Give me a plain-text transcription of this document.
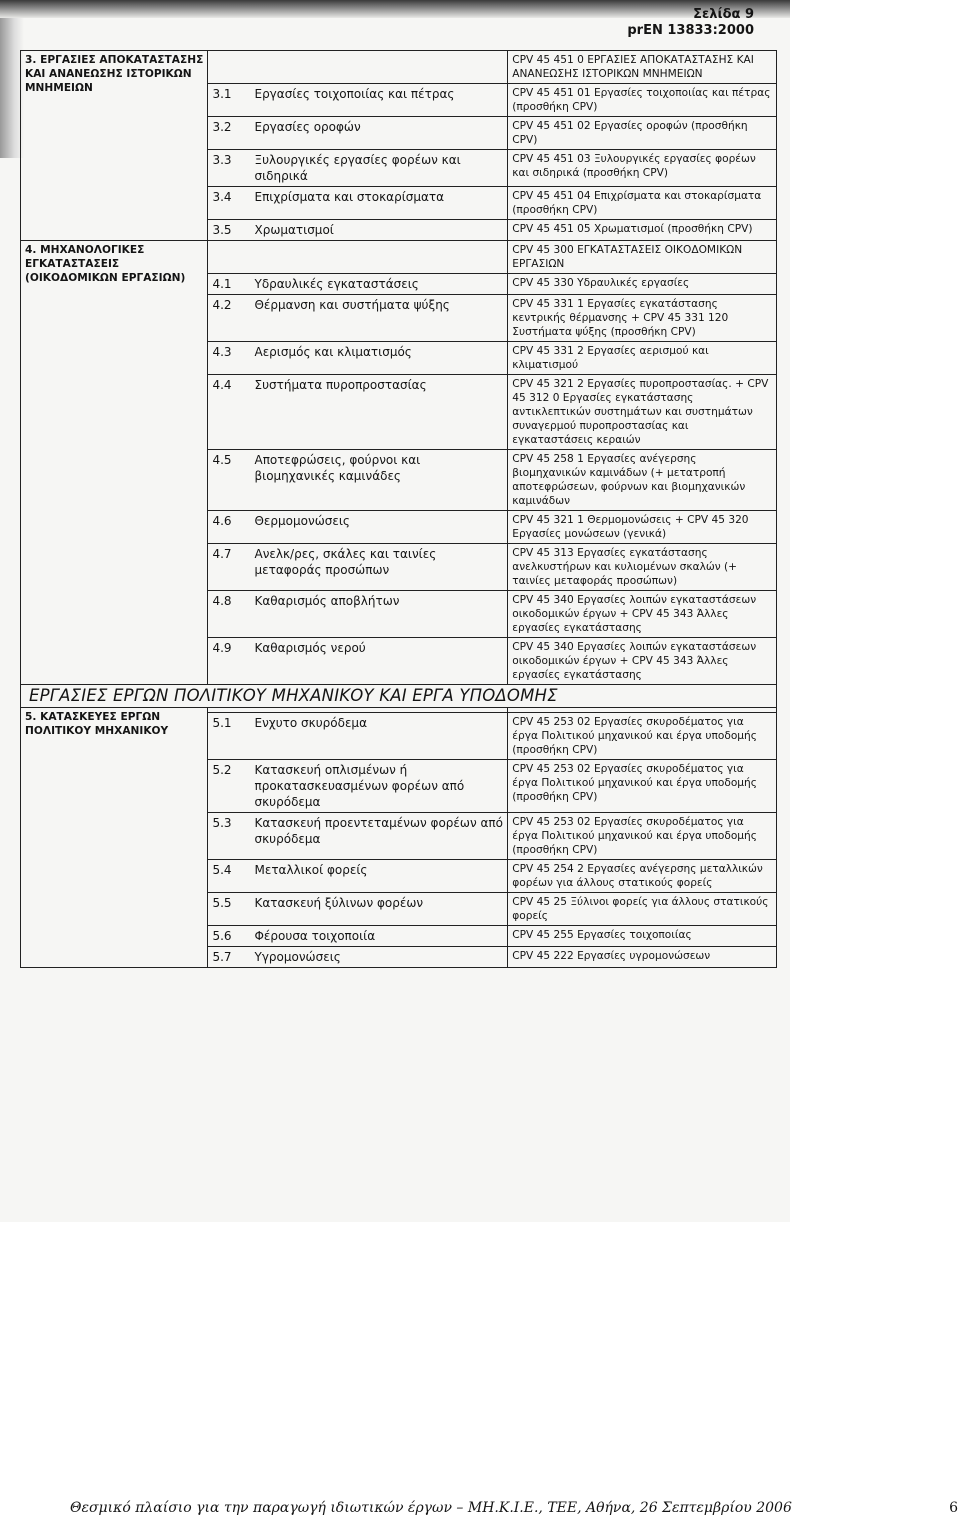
Σελίδα 9
prEN 13833:2000
3. ΕΡΓΑΣΙΕΣ ΑΠΟΚΑΤΑΣΤΑΣΗΣ ΚΑΙ ΑΝΑΝΕΩΣΗΣ ΙΣΤΟΡΙΚΩΝ ΜΝΗΜΕΙΩΝ		CPV 45 451 0 ΕΡΓΑΣΙΕΣ ΑΠΟΚΑΤΑΣΤΑΣΗΣ ΚΑΙ ΑΝΑΝΕΩΣΗΣ ΙΣΤΟΡΙΚΩΝ ΜΝΗΜΕΙΩΝ

	3.1 Εργασίες τοιχοποιίας και πέτρας	CPV 45 451 01 Εργασίες τοιχοποιίας και πέτρας (προσθήκη CPV)

	3.2 Εργασίες οροφών	CPV 45 451 02 Εργασίες οροφών (προσθήκη CPV)

	3.3 Ξυλουργικές εργασίες φορέων και σιδηρικά	CPV 45 451 03 Ξυλουργικές εργασίες φορέων και σιδηρικά (προσθήκη CPV)

	3.4 Επιχρίσματα και στοκαρίσματα	CPV 45 451 04 Επιχρίσματα και στοκαρίσματα (προσθήκη CPV)

	3.5 Χρωματισμοί	CPV 45 451 05 Χρωματισμοί (προσθήκη CPV)
4. ΜΗΧΑΝΟΛΟΓΙΚΕΣ ΕΓΚΑΤΑΣΤΑΣΕΙΣ (ΟΙΚΟΔΟΜΙΚΩΝ ΕΡΓΑΣΙΩΝ)		CPV 45 300 ΕΓΚΑΤΑΣΤΑΣΕΙΣ ΟΙΚΟΔΟΜΙΚΩΝ ΕΡΓΑΣΙΩΝ

	4.1 Υδραυλικές εγκαταστάσεις	CPV 45 330 Υδραυλικές εργασίες

	4.2 Θέρμανση και συστήματα ψύξης	CPV 45 331 1 Εργασίες εγκατάστασης κεντρικής θέρμανσης + CPV 45 331 120 Συστήματα ψύξης (προσθήκη CPV)

	4.3 Αερισμός και κλιματισμός	CPV 45 331 2 Εργασίες αερισμού και κλιματισμού

	4.4 Συστήματα πυροπροστασίας	CPV 45 321 2 Εργασίες πυροπροστασίας. + CPV 45 312 0 Εργασίες εγκατάστασης αντικλεπτικών συστημάτων και συστημάτων συναγερμού πυροπροστασίας και εγκαταστάσεις κεραιών

	4.5 Αποτεφρώσεις, φούρνοι και βιομηχανικές καμινάδες	CPV 45 258 1 Εργασίες ανέγερσης βιομηχανικών καμινάδων (+ μετατροπή αποτεφρώσεων, φούρνων και βιομηχανικών καμινάδων

	4.6 Θερμομονώσεις	CPV 45 321 1 Θερμομονώσεις + CPV 45 320 Εργασίες μονώσεων (γενικά)

	4.7 Ανελκ/ρες, σκάλες και ταινίες μεταφοράς προσώπων	CPV 45 313 Εργασίες εγκατάστασης ανελκυστήρων και κυλιομένων σκαλών (+ ταινίες μεταφοράς προσώπων)

	4.8 Καθαρισμός αποβλήτων	CPV 45 340 Εργασίες λοιπών εγκαταστάσεων οικοδομικών έργων + CPV 45 343 Άλλες εργασίες εγκατάστασης

	4.9 Καθαρισμός νερού	CPV 45 340 Εργασίες λοιπών εγκαταστάσεων οικοδομικών έργων + CPV 45 343 Άλλες εργασίες εγκατάστασης
ΕΡΓΑΣΙΕΣ ΕΡΓΩΝ ΠΟΛΙΤΙΚΟΥ ΜΗΧΑΝΙΚΟΥ ΚΑΙ ΕΡΓΑ ΥΠΟΔΟΜΗΣ		
5. ΚΑΤΑΣΚΕΥΕΣ ΕΡΓΩΝ ΠΟΛΙΤΙΚΟΥ ΜΗΧΑΝΙΚΟΥ		

	5.1 Ενχυτο σκυρόδεμα	CPV 45 253 02 Εργασίες σκυροδέματος για έργα Πολιτικού μηχανικού και έργα υποδομής (προσθήκη CPV)

	5.2 Κατασκευή οπλισμένων ή προκατασκευασμένων φορέων από σκυρόδεμα	CPV 45 253 02 Εργασίες σκυροδέματος για έργα Πολιτικού μηχανικού και έργα υποδομής (προσθήκη CPV)

	5.3 Κατασκευή προεντεταμένων φορέων από σκυρόδεμα	CPV 45 253 02 Εργασίες σκυροδέματος για έργα Πολιτικού μηχανικού και έργα υποδομής (προσθήκη CPV)

	5.4 Μεταλλικοί φορείς	CPV 45 254 2 Εργασίες ανέγερσης μεταλλικών φορέων για άλλους στατικούς φορείς

	5.5 Κατασκευή ξύλινων φορέων	CPV 45 25 Ξύλινοι φορείς για άλλους στατικούς φορείς

	5.6 Φέρουσα τοιχοποιία	CPV 45 255 Εργασίες τοιχοποιίας

	5.7 Υγρομονώσεις	CPV 45 222 Εργασίες υγρομονώσεων
Θεσμικό πλαίσιο για την παραγωγή ιδιωτικών έργων – ΜΗ.Κ.Ι.Ε., ΤΕΕ, Αθήνα, 26 Σεπτεμβρίου 2006	6
